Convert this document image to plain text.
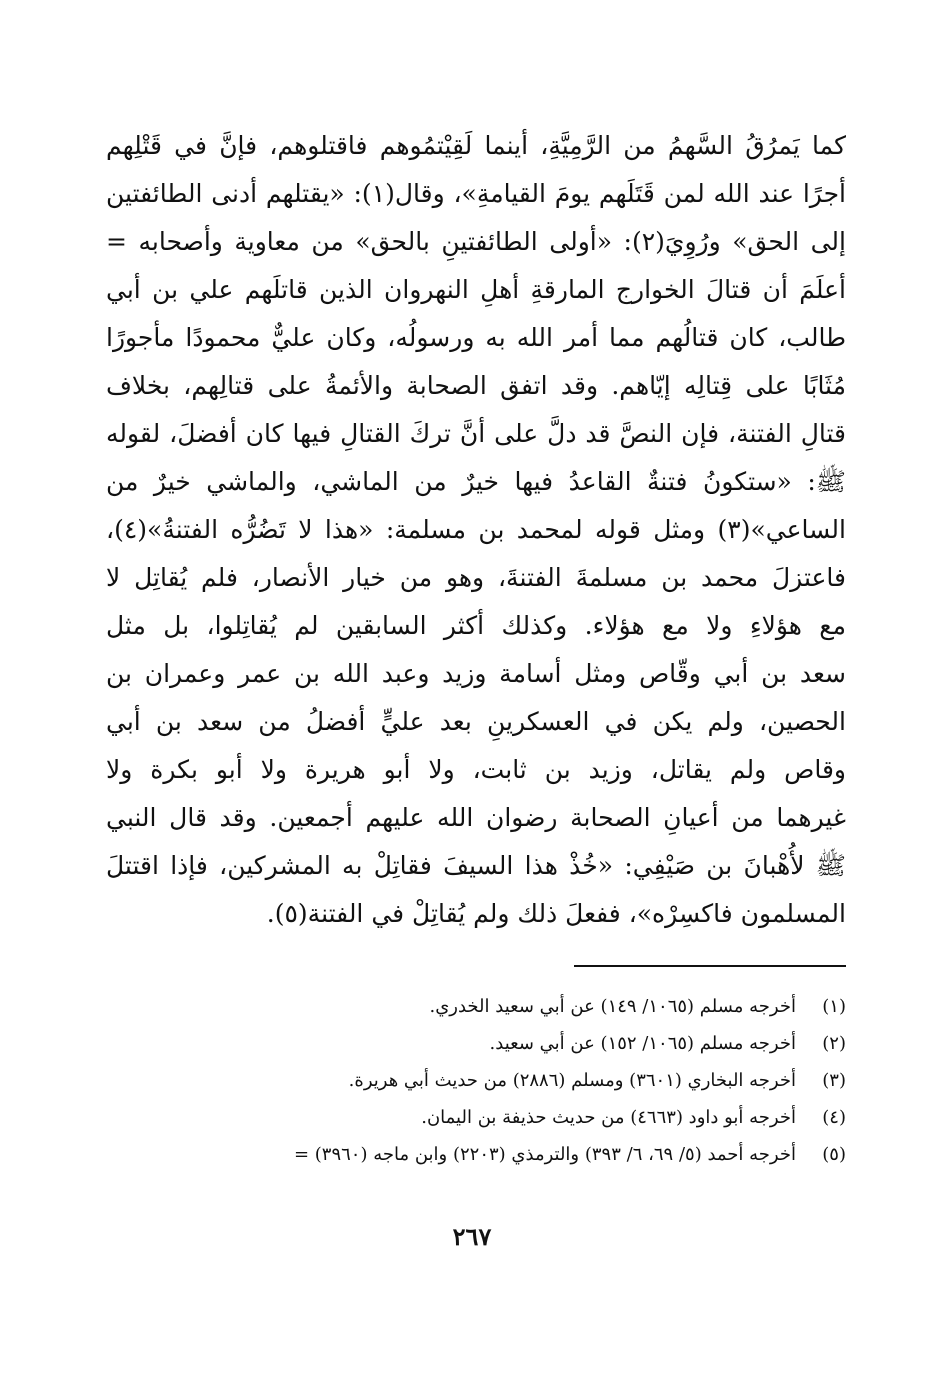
كما يَمرُقُ السَّهمُ من الرَّمِيَّةِ، أينما لَقِيْتمُوهم فاقتلوهم، فإنَّ في قَتْلِهم
أجرًا عند الله لمن قَتَلَهم يومَ القيامةِ»، وقال(١): «يقتلهم أدنى الطائفتين
إلى الحق» ورُوِيَ(٢): «أولى الطائفتينِ بالحق» من معاوية وأصحابه =
أعلَمَ أن قتالَ الخوارج المارقةِ أهلِ النهروان الذين قاتلَهم علي بن أبي
طالب، كان قتالُهم مما أمر الله به ورسولُه، وكان عليٌّ محمودًا مأجورًا
مُثَابًا على قِتالِه إيّاهم. وقد اتفق الصحابة والأئمةُ على قتالِهم، بخلاف
قتالِ الفتنة، فإن النصَّ قد دلَّ على أنَّ تركَ القتالِ فيها كان أفضلَ، لقوله
ﷺ: «ستكونُ فتنةٌ القاعدُ فيها خيرٌ من الماشي، والماشي خيرٌ من
الساعي»(٣) ومثل قوله لمحمد بن مسلمة: «هذا لا تَضُرُّه الفتنةُ»(٤)،
فاعتزلَ محمد بن مسلمةَ الفتنةَ، وهو من خيار الأنصار، فلم يُقاتِل لا
مع هؤلاءِ ولا مع هؤلاء. وكذلك أكثر السابقين لم يُقاتِلوا، بل مثل
سعد بن أبي وقّاص ومثل أسامة وزيد وعبد الله بن عمر وعمران بن
الحصين، ولم يكن في العسكرينِ بعد عليٍّ أفضلُ من سعد بن أبي
وقاص ولم يقاتل، وزيد بن ثابت، ولا أبو هريرة ولا أبو بكرة ولا
غيرهما من أعيانِ الصحابة رضوان الله عليهم أجمعين. وقد قال النبي
ﷺ لأُهْبانَ بن صَيْفِي: «خُذْ هذا السيفَ فقاتِلْ به المشركين، فإذا اقتتلَ
المسلمون فاكسِرْه»، ففعلَ ذلك ولم يُقاتِلْ في الفتنة(٥).
(١)
أخرجه مسلم (١٠٦٥/ ١٤٩) عن أبي سعيد الخدري.
(٢)
أخرجه مسلم (١٠٦٥/ ١٥٢) عن أبي سعيد.
(٣)
أخرجه البخاري (٣٦٠١) ومسلم (٢٨٨٦) من حديث أبي هريرة.
(٤)
أخرجه أبو داود (٤٦٦٣) من حديث حذيفة بن اليمان.
(٥)
أخرجه أحمد (٥/ ٦٩، ٦/ ٣٩٣) والترمذي (٢٢٠٣) وابن ماجه (٣٩٦٠) =
٢٦٧
